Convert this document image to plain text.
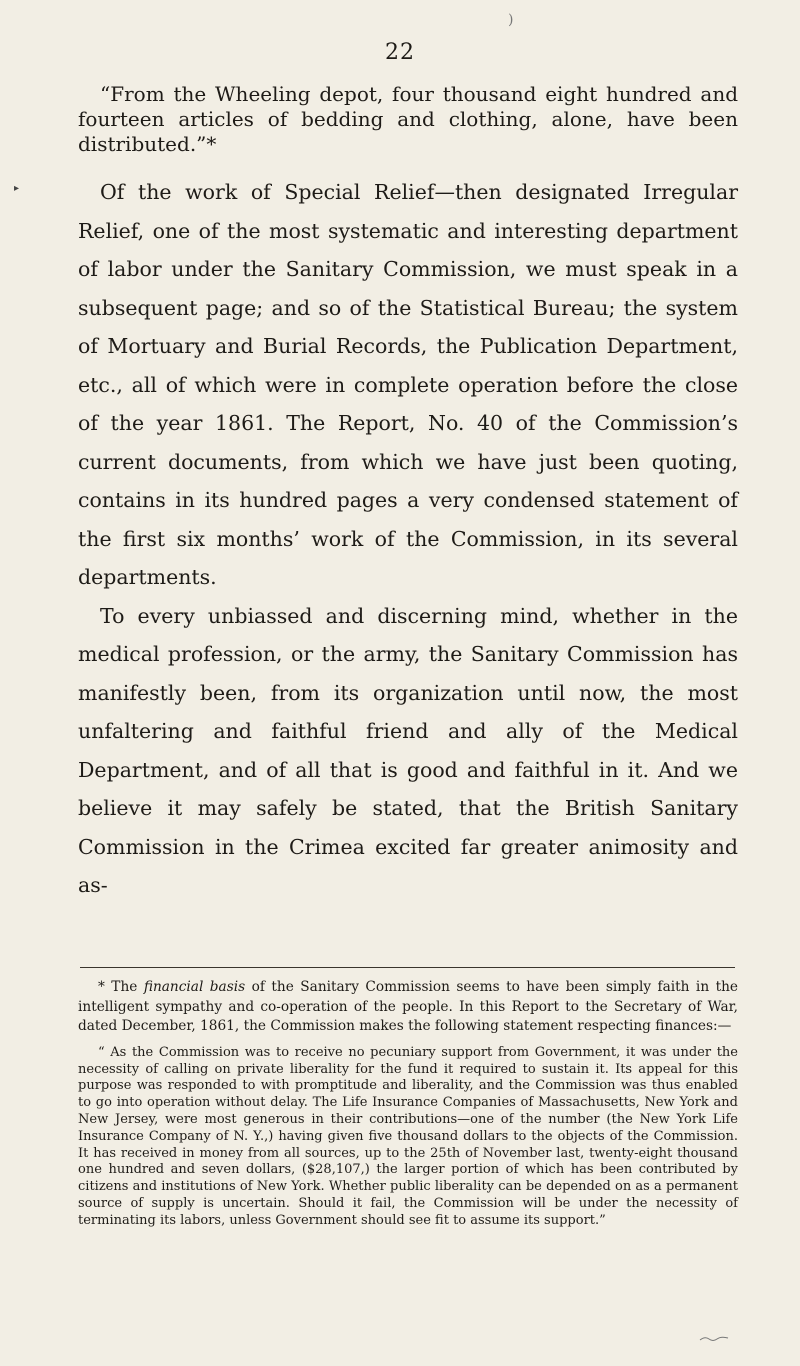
)
▸
22

“From the Wheeling depot, four thousand eight hundred and fourteen articles of bedding and clothing, alone, have been distributed.”*

Of the work of Special Relief—then designated Irregular Relief, one of the most systematic and interesting department of labor under the Sanitary Commission, we must speak in a subsequent page; and so of the Statistical Bureau; the system of Mortuary and Burial Records, the Publication Department, etc., all of which were in complete operation before the close of the year 1861. The Report, No. 40 of the Commission’s current documents, from which we have just been quoting, contains in its hundred pages a very condensed statement of the first six months’ work of the Commission, in its several departments.

To every unbiassed and discerning mind, whether in the medical profession, or the army, the Sanitary Commission has manifestly been, from its organization until now, the most unfaltering and faithful friend and ally of the Medical Department, and of all that is good and faithful in it. And we believe it may safely be stated, that the British Sanitary Commission in the Crimea excited far greater animosity and as-

* The financial basis of the Sanitary Commission seems to have been simply faith in the intelligent sympathy and co-operation of the people. In this Report to the Secretary of War, dated December, 1861, the Commission makes the following statement respecting finances:—

“ As the Commission was to receive no pecuniary support from Government, it was under the necessity of calling on private liberality for the fund it required to sustain it. Its appeal for this purpose was responded to with promptitude and liberality, and the Commission was thus enabled to go into operation without delay. The Life Insurance Companies of Massachusetts, New York and New Jersey, were most generous in their contributions—one of the number (the New York Life Insurance Company of N. Y.,) having given five thousand dollars to the objects of the Commission. It has received in money from all sources, up to the 25th of November last, twenty-eight thousand one hundred and seven dollars, ($28,107,) the larger portion of which has been contributed by citizens and institutions of New York. Whether public liberality can be depended on as a permanent source of supply is uncertain. Should it fail, the Commission will be under the necessity of terminating its labors, unless Government should see fit to assume its support.”
